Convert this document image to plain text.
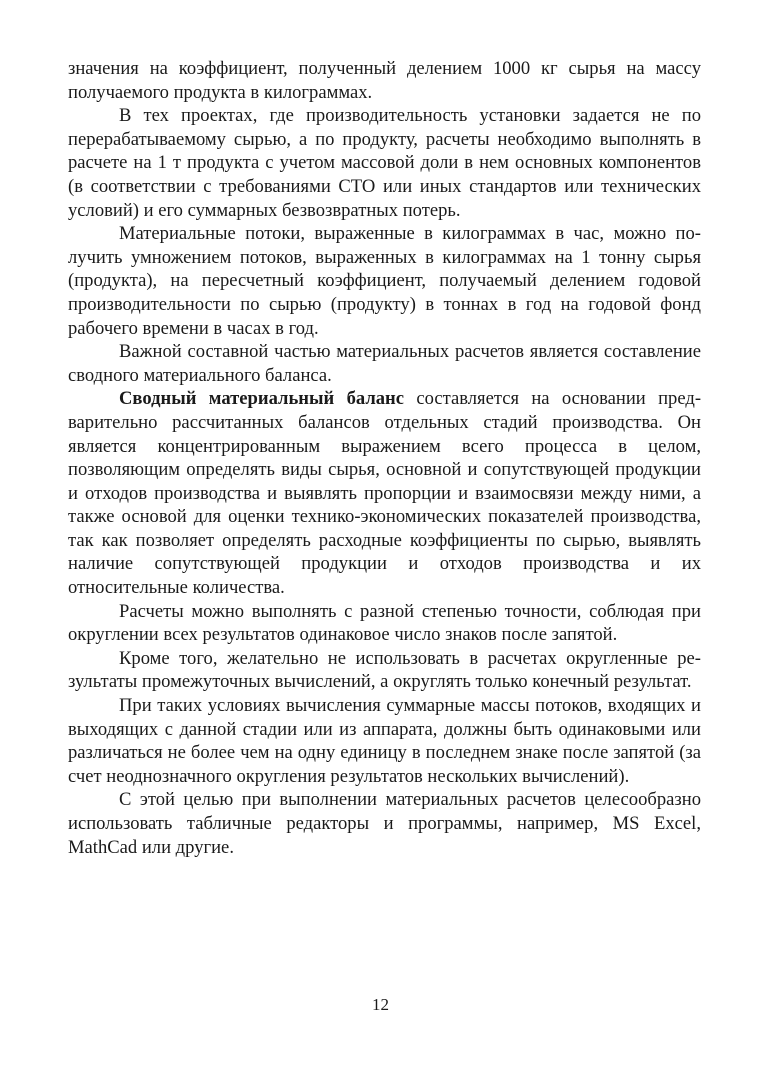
значения на коэффициент, полученный делением 1000 кг сырья на массу получаемого продукта в килограммах.

В тех проектах, где производительность установки задается не по перерабатываемому сырью, а по продукту, расчеты необходимо выполнять в расчете на 1 т продукта с учетом массовой доли в нем основных компонентов (в соответствии с требованиями СТО или иных стандартов или технических условий) и его суммарных безвозвратных потерь.

Материальные потоки, выраженные в килограммах в час, можно получить умножением потоков, выраженных в килограммах на 1 тонну сырья (продукта), на пересчетный коэффициент, получаемый делением годовой производительности по сырью (продукту) в тоннах в год на годовой фонд рабочего времени в часах в год.

Важной составной частью материальных расчетов является составление сводного материального баланса.

Сводный материальный баланс составляется на основании предварительно рассчитанных балансов отдельных стадий производства. Он является концентрированным выражением всего процесса в целом, позволяющим определять виды сырья, основной и сопутствующей продукции и отходов производства и выявлять пропорции и взаимосвязи между ними, а также основой для оценки технико-экономических показателей производства, так как позволяет определять расходные коэффициенты по сырью, выявлять наличие сопутствующей продукции и отходов производства и их относительные количества.

Расчеты можно выполнять с разной степенью точности, соблюдая при округлении всех результатов одинаковое число знаков после запятой.

Кроме того, желательно не использовать в расчетах округленные результаты промежуточных вычислений, а округлять только конечный результат.

При таких условиях вычисления суммарные массы потоков, входящих и выходящих с данной стадии или из аппарата, должны быть одинаковыми или различаться не более чем на одну единицу в последнем знаке после запятой (за счет неоднозначного округления результатов нескольких вычислений).

С этой целью при выполнении материальных расчетов целесообразно использовать табличные редакторы и программы, например, MS Excel, MathCad или другие.

12
